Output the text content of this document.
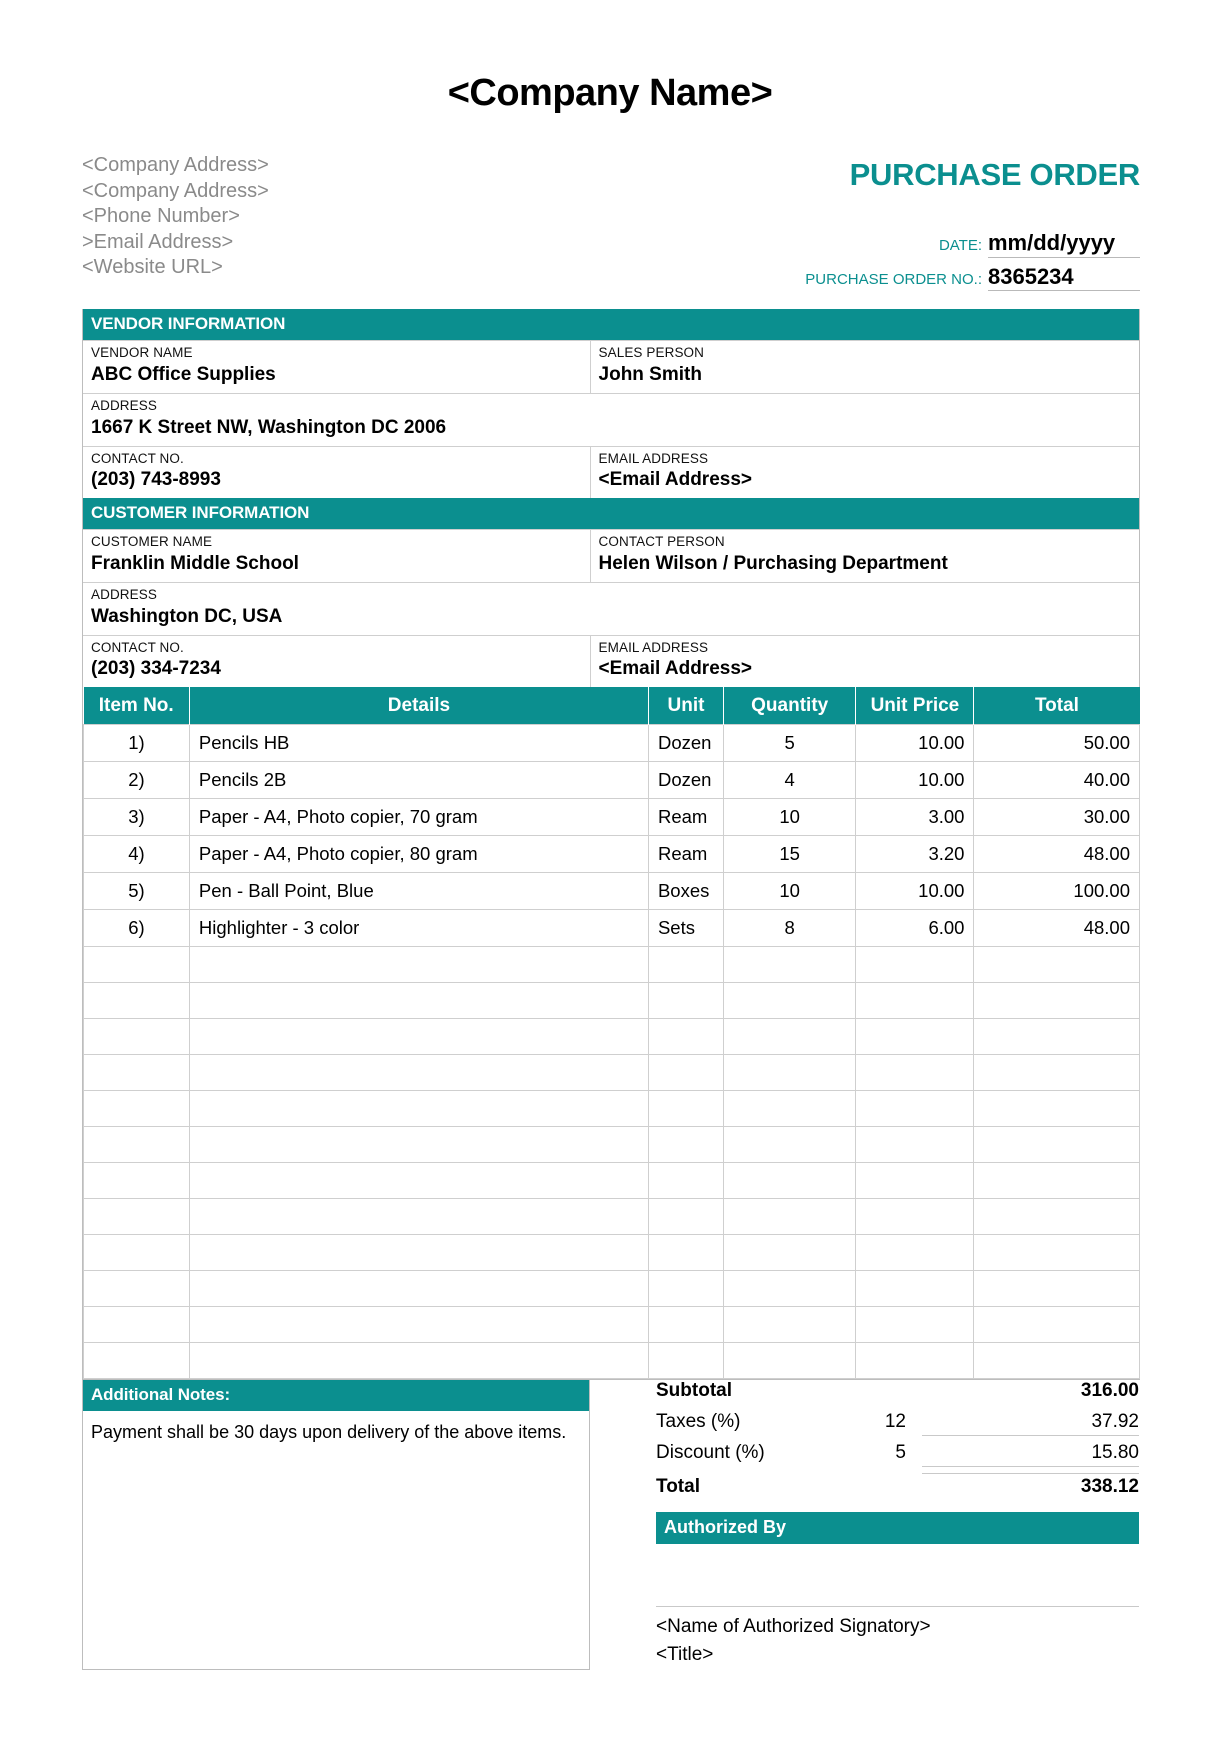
<Company Name>
<Company Address>
<Company Address>
<Phone Number>
>Email Address>
<Website URL>
PURCHASE ORDER
DATE: mm/dd/yyyy
PURCHASE ORDER NO.: 8365234
VENDOR INFORMATION
VENDOR NAME
ABC Office Supplies
SALES PERSON
John Smith
ADDRESS
1667 K Street NW, Washington DC 2006
CONTACT NO.
(203) 743-8993
EMAIL ADDRESS
<Email Address>
CUSTOMER INFORMATION
CUSTOMER NAME
Franklin Middle School
CONTACT PERSON
Helen Wilson / Purchasing Department
ADDRESS
Washington DC, USA
CONTACT NO.
(203) 334-7234
EMAIL ADDRESS
<Email Address>
Item No.	Details	Unit	Quantity	Unit Price	Total
1)	Pencils HB	Dozen	5	10.00	50.00
2)	Pencils 2B	Dozen	4	10.00	40.00
3)	Paper - A4, Photo copier, 70 gram	Ream	10	3.00	30.00
4)	Paper - A4, Photo copier, 80 gram	Ream	15	3.20	48.00
5)	Pen - Ball Point, Blue	Boxes	10	10.00	100.00
6)	Highlighter - 3 color	Sets	8	6.00	48.00

Additional Notes:
Payment shall be 30 days upon delivery of the above items.
Subtotal	316.00
Taxes (%)	12	37.92
Discount (%)	5	15.80
Total	338.12
Authorized By
<Name of Authorized Signatory>
<Title>
